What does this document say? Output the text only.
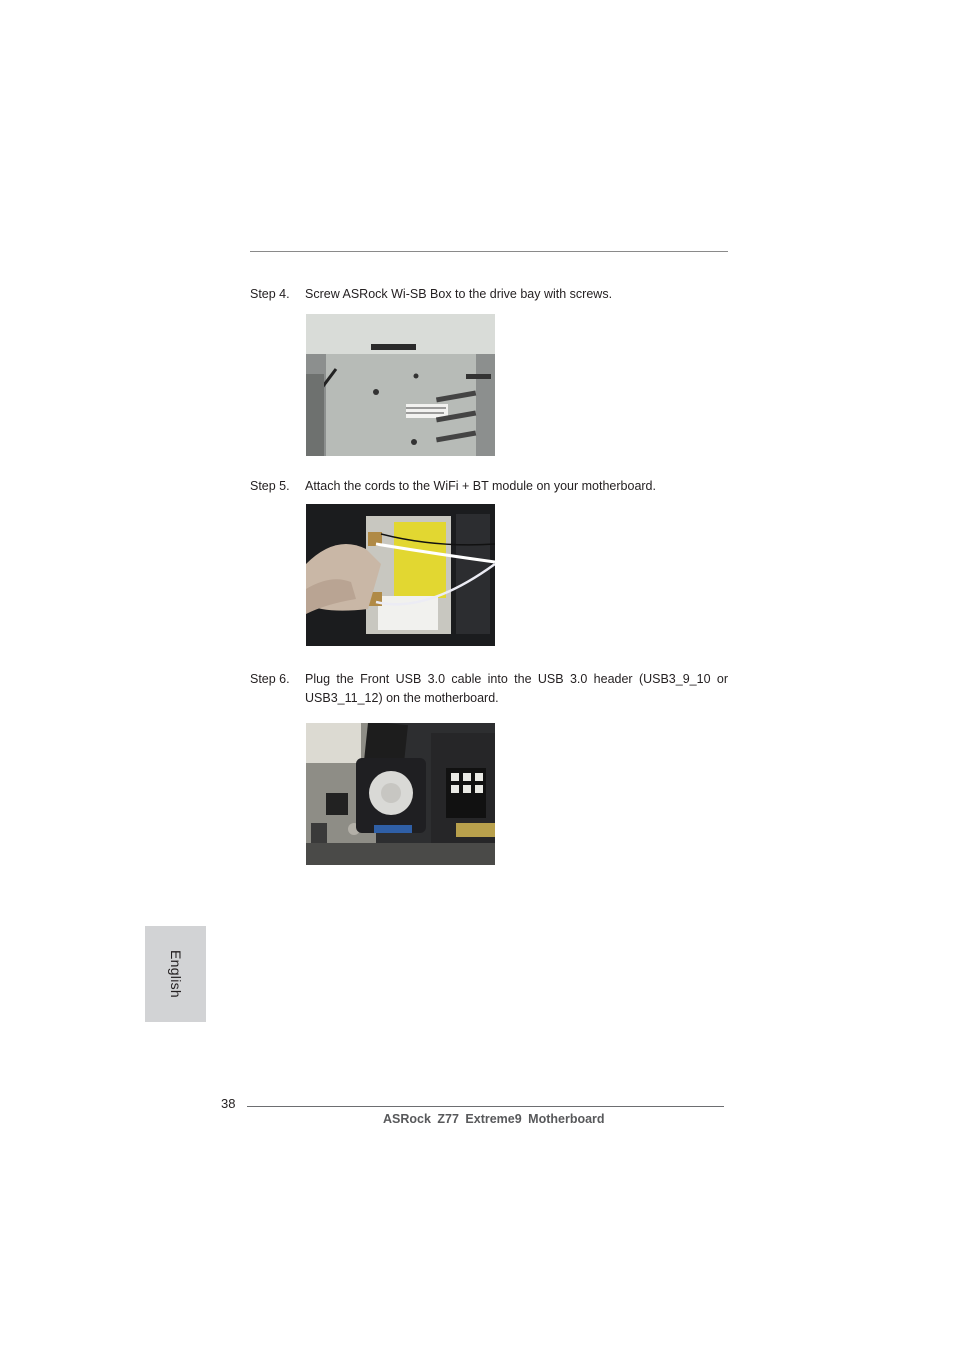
Step 4. Screw ASRock Wi-SB Box to the drive bay with screws.
Step 5. Attach the cords to the WiFi + BT module on your motherboard.
Step 6. Plug the Front USB 3.0 cable into the USB 3.0 header (USB3_9_10 or USB3_11_12) on the motherboard.
English
38
ASRock Z77 Extreme9 Motherboard
